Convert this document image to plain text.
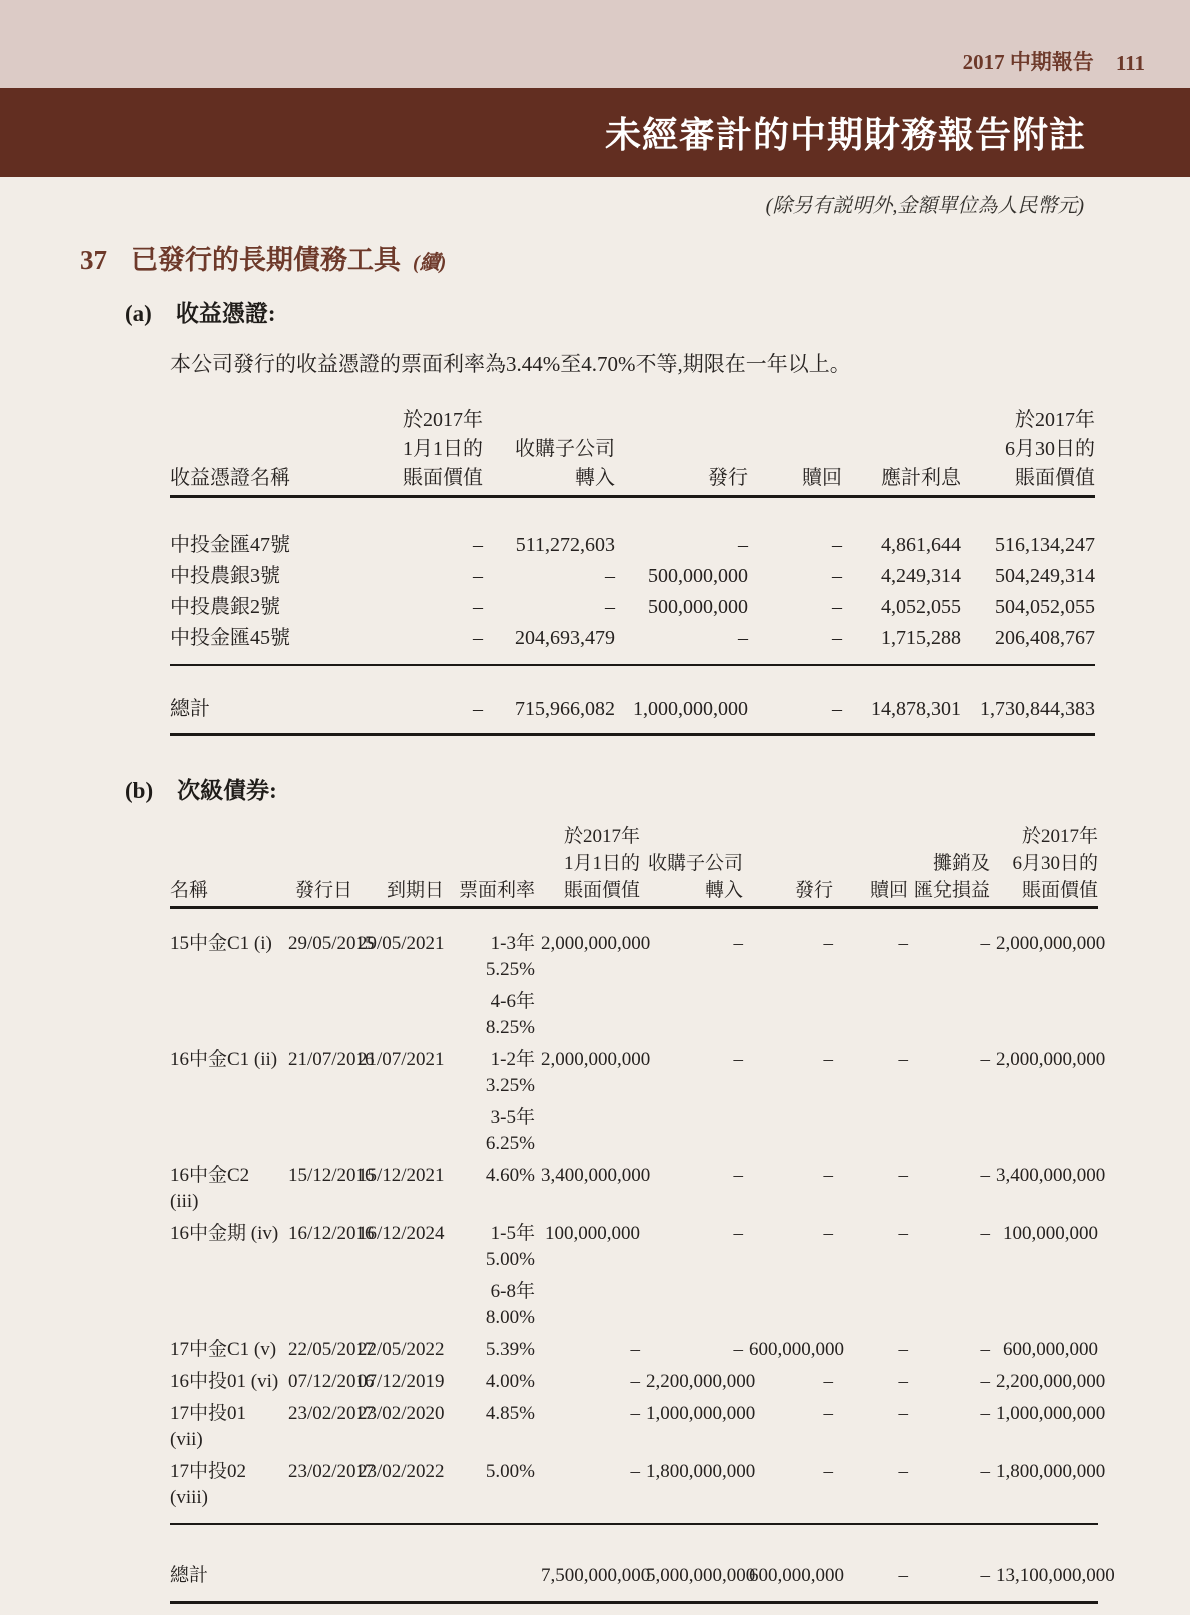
2017 中期報告 111
未經審計的中期財務報告附註
(除另有説明外,金額單位為人民幣元)
37 已發行的長期債務工具 (續)
(a) 收益憑證:
本公司發行的收益憑證的票面利率為3.44%至4.70%不等,期限在一年以上。
收益憑證名稱

於2017年
1月1日的
賬面價值

收購子公司
轉入	發行	贖回	應計利息

於2017年
6月30日的
賬面價值

中投金匯47號	–	511,272,603	–	–	4,861,644	516,134,247
中投農銀3號	–	–	500,000,000	–	4,249,314	504,249,314
中投農銀2號	–	–	500,000,000	–	4,052,055	504,052,055
中投金匯45號	–	204,693,479	–	–	1,715,288	206,408,767
總計	–	715,966,082	1,000,000,000	–	14,878,301	1,730,844,383
(b) 次級債券:
名稱	發行日	到期日	票面利率

於2017年
1月1日的
賬面價值

收購子公司
轉入	發行	贖回

攤銷及
匯兌損益

於2017年
6月30日的
賬面價值

15中金C1 (i)	29/05/2015	29/05/2021	1-3年5.25%
4-6年8.25%	2,000,000,000	–	–	–	–	2,000,000,000
16中金C1 (ii)	21/07/2016	21/07/2021	1-2年3.25%
3-5年6.25%	2,000,000,000	–	–	–	–	2,000,000,000
16中金C2 (iii)	15/12/2016	15/12/2021	4.60%	3,400,000,000	–	–	–	–	3,400,000,000
16中金期 (iv)	16/12/2016	16/12/2024	1-5年5.00%
6-8年8.00%	100,000,000	–	–	–	–	100,000,000
17中金C1 (v)	22/05/2017	22/05/2022	5.39%	–	–	600,000,000	–	–	600,000,000
16中投01 (vi)	07/12/2016	07/12/2019	4.00%	–	2,200,000,000	–	–	–	2,200,000,000
17中投01 (vii)	23/02/2017	23/02/2020	4.85%	–	1,000,000,000	–	–	–	1,000,000,000
17中投02 (viii)	23/02/2017	23/02/2022	5.00%	–	1,800,000,000	–	–	–	1,800,000,000
總計				7,500,000,000	5,000,000,000	600,000,000	–	–	13,100,000,000
